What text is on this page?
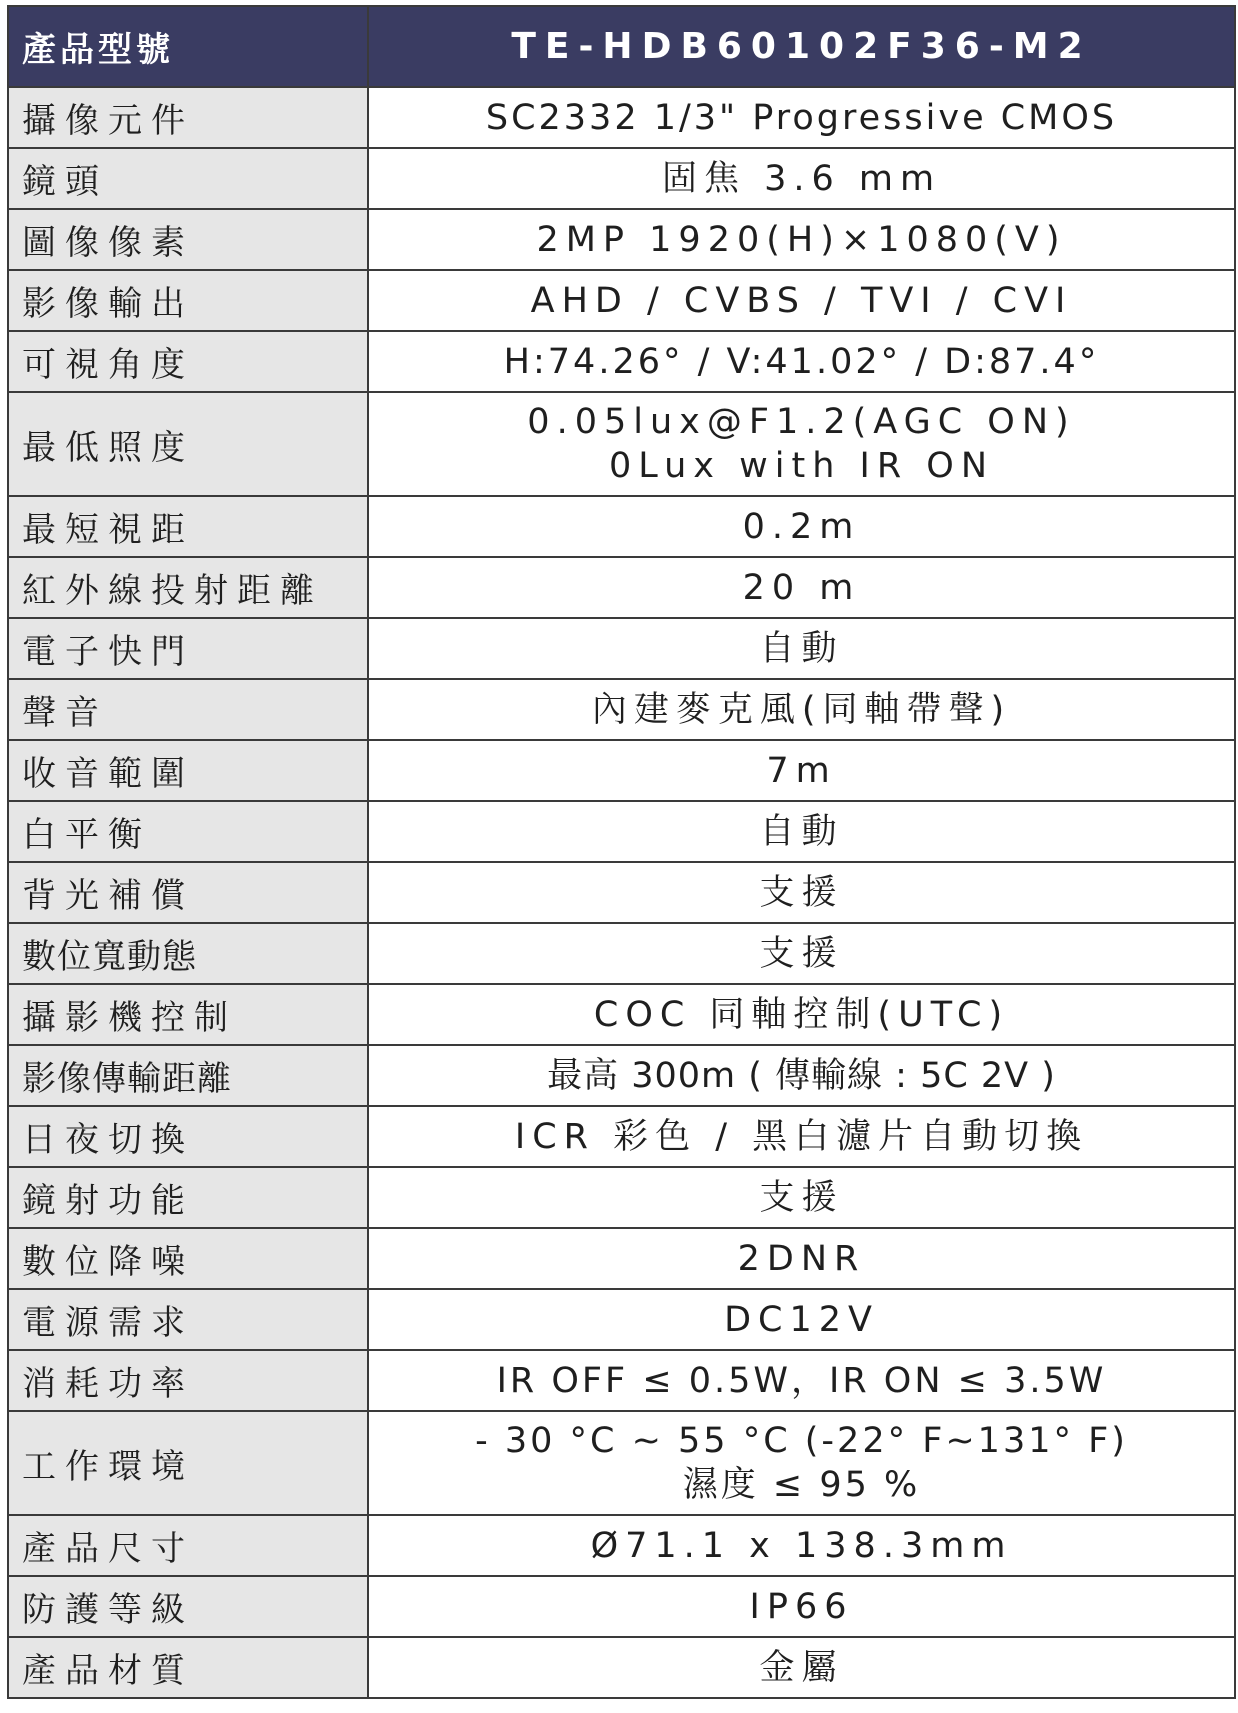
產品型號	TE-HDB60102F36-M2
攝像元件	SC2332 1/3" Progressive CMOS
鏡頭	固焦 3.6 mm
圖像像素	2MP 1920(H)×1080(V)
影像輸出	AHD / CVBS / TVI / CVI
可視角度	H:74.26° / V:41.02° / D:87.4°
最低照度	0.05lux@F1.2(AGC ON)
0Lux with IR ON

最短視距	0.2m
紅外線投射距離	20 m
電子快門	自動
聲音	內建麥克風(同軸帶聲)
收音範圍	7m
白平衡	自動
背光補償	支援
數位寬動態	支援
攝影機控制	COC 同軸控制(UTC)
影像傳輸距離	最高 300m ( 傳輸線 : 5C 2V )
日夜切換	ICR 彩色 / 黑白濾片自動切換
鏡射功能	支援
數位降噪	2DNR
電源需求	DC12V
消耗功率	IR OFF ≤ 0.5W，IR ON ≤ 3.5W
工作環境	- 30 °C ~ 55 °C (-22° F~131° F)
濕度 ≤ 95 %

產品尺寸	Ø71.1 x 138.3mm
防護等級	IP66
產品材質	金屬
